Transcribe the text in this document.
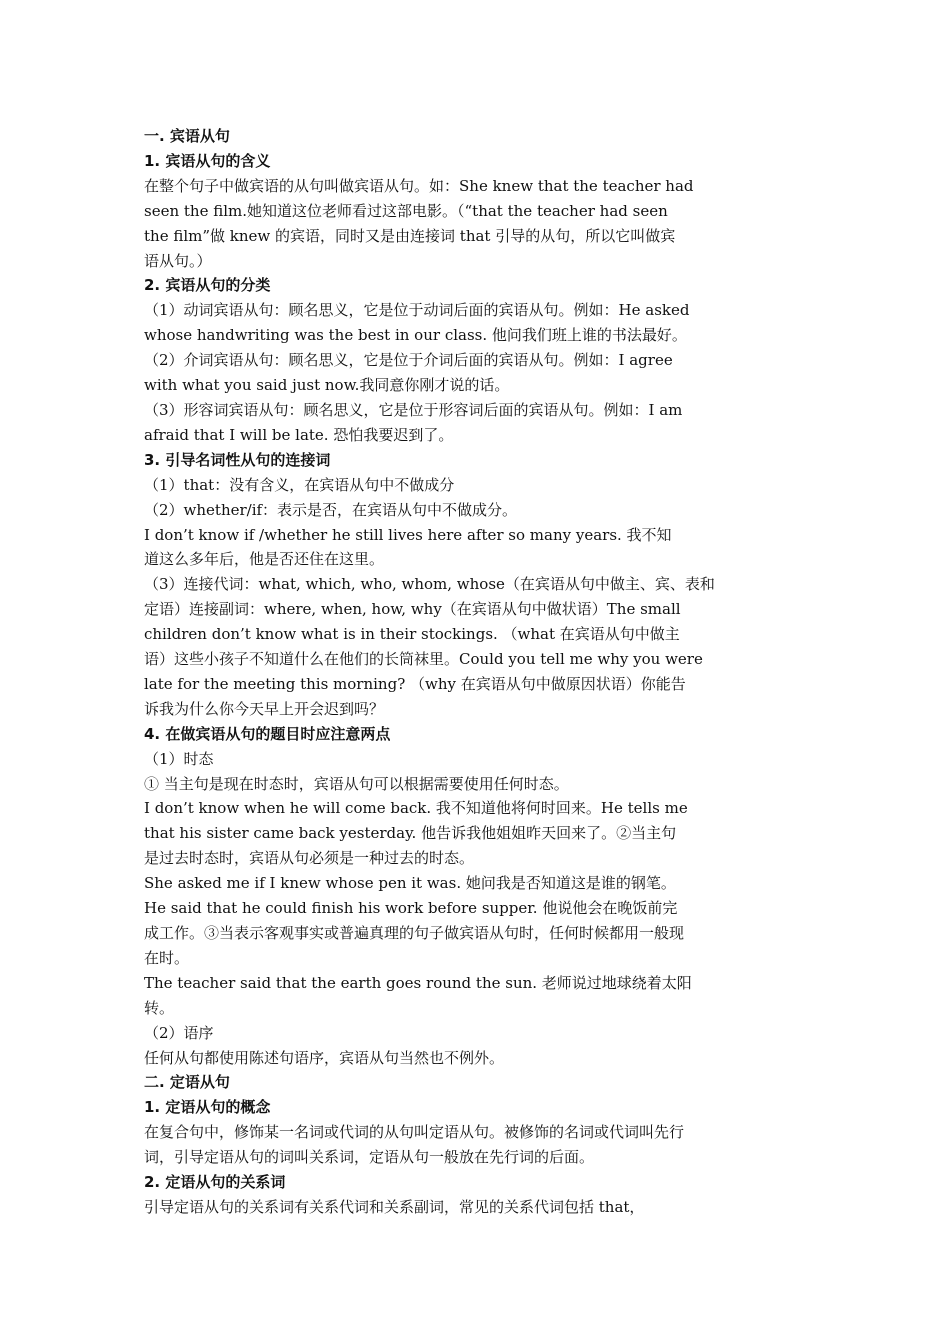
一. 宾语从句
1. 宾语从句的含义
在整个句子中做宾语的从句叫做宾语从句。如：She knew that the teacher had
seen the film.她知道这位老师看过这部电影。（“that the teacher had seen
the film”做 knew 的宾语，同时又是由连接词 that 引导的从句，所以它叫做宾
语从句。）
2. 宾语从句的分类
（1）动词宾语从句：顾名思义，它是位于动词后面的宾语从句。例如：He asked
whose handwriting was the best in our class. 他问我们班上谁的书法最好。
（2）介词宾语从句：顾名思义，它是位于介词后面的宾语从句。例如：I agree
with what you said just now.我同意你刚才说的话。
（3）形容词宾语从句：顾名思义，它是位于形容词后面的宾语从句。例如：I am
afraid that I will be late. 恐怕我要迟到了。
3. 引导名词性从句的连接词
（1）that：没有含义，在宾语从句中不做成分
（2）whether/if：表示是否，在宾语从句中不做成分。
I don’t know if /whether he still lives here after so many years. 我不知
道这么多年后，他是否还住在这里。
（3）连接代词：what, which, who, whom, whose（在宾语从句中做主、宾、表和
定语）连接副词：where, when, how, why（在宾语从句中做状语）The small
children don’t know what is in their stockings. （what 在宾语从句中做主
语）这些小孩子不知道什么在他们的长筒袜里。Could you tell me why you were
late for the meeting this morning? （why 在宾语从句中做原因状语）你能告
诉我为什么你今天早上开会迟到吗？
4. 在做宾语从句的题目时应注意两点
（1）时态
① 当主句是现在时态时，宾语从句可以根据需要使用任何时态。
I don’t know when he will come back. 我不知道他将何时回来。He tells me
that his sister came back yesterday. 他告诉我他姐姐昨天回来了。②当主句
是过去时态时，宾语从句必须是一种过去的时态。
She asked me if I knew whose pen it was. 她问我是否知道这是谁的钢笔。
He said that he could finish his work before supper. 他说他会在晚饭前完
成工作。③当表示客观事实或普遍真理的句子做宾语从句时，任何时候都用一般现
在时。
The teacher said that the earth goes round the sun. 老师说过地球绕着太阳
转。
（2）语序
任何从句都使用陈述句语序，宾语从句当然也不例外。
二. 定语从句
1. 定语从句的概念
在复合句中，修饰某一名词或代词的从句叫定语从句。被修饰的名词或代词叫先行
词，引导定语从句的词叫关系词，定语从句一般放在先行词的后面。
2. 定语从句的关系词
引导定语从句的关系词有关系代词和关系副词，常见的关系代词包括 that，
